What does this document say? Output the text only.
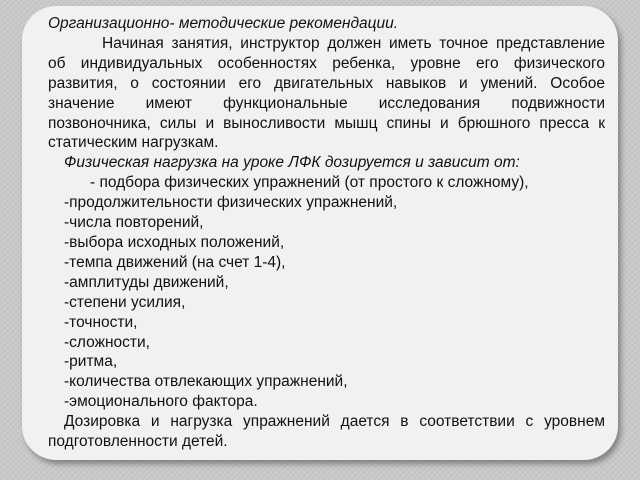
Организационно- методические рекомендации.

Начиная занятия, инструктор должен иметь точное представление

об индивидуальных особенностях ребенка, уровне его физического

развития, о состоянии его двигательных навыков и умений. Особое

значение имеют функциональные исследования подвижности

позвоночника, силы и выносливости мышц спины и брюшного пресса к

статическим нагрузкам.

Физическая нагрузка на уроке ЛФК дозируется и зависит от:

- подбора физических упражнений (от простого к сложному),

-продолжительности физических упражнений,

-числа повторений,

-выбора исходных положений,

-темпа движений (на счет 1-4),

-амплитуды движений,

-степени усилия,

-точности,

-сложности,

-ритма,

-количества отвлекающих упражнений,

-эмоционального фактора.

Дозировка и нагрузка упражнений дается в соответствии с уровнем

подготовленности детей.
